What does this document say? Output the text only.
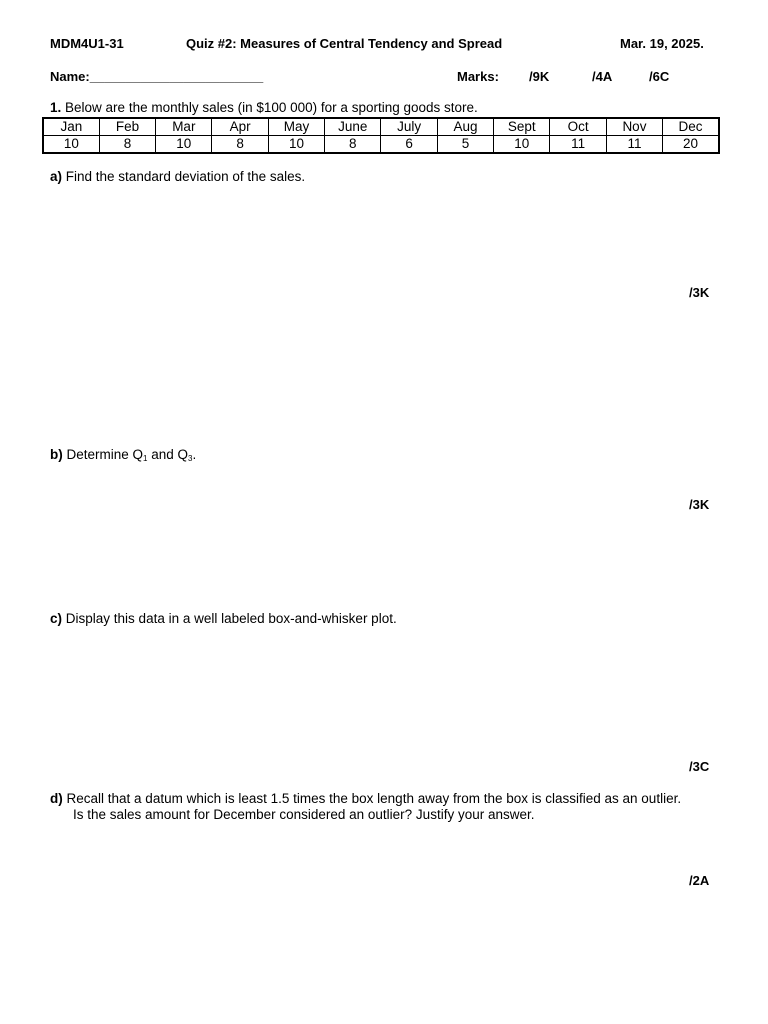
MDM4U1-31	Quiz #2: Measures of Central Tendency and Spread	Mar. 19, 2025.
Name:________________________	Marks: /9K	/4A	/6C
1. Below are the monthly sales (in $100 000) for a sporting goods store.
Jan	Feb	Mar	Apr	May	June	July	Aug	Sept	Oct	Nov	Dec
10	8	10	8	10	8	6	5	10	11	11	20
a) Find the standard deviation of the sales.
/3K
b) Determine $Q_1$ and $Q_3$.
/3K
c) Display this data in a well labeled box-and-whisker plot.
/3C
d) Recall that a datum which is least 1.5 times the box length away from the box is classified as an outlier.
Is the sales amount for December considered an outlier? Justify your answer.
/2A
